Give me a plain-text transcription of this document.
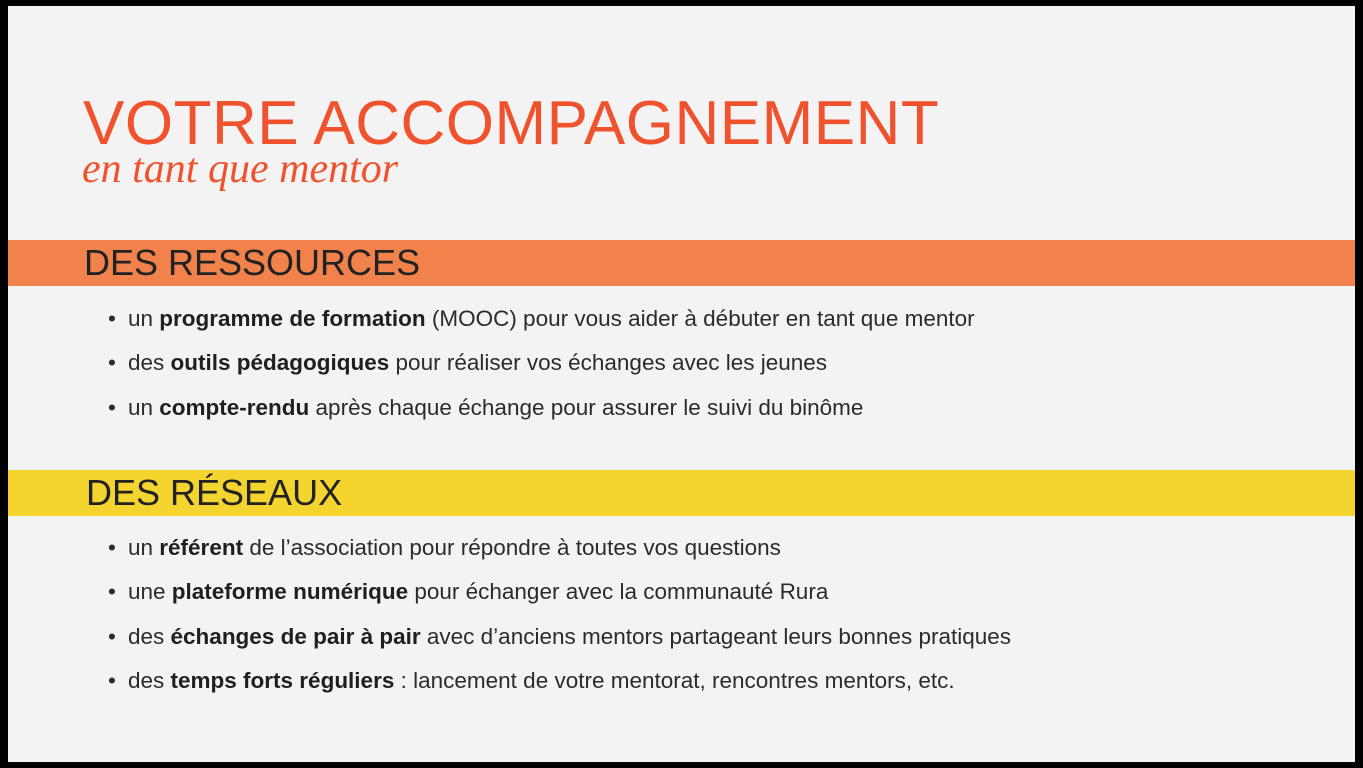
VOTRE ACCOMPAGNEMENT
en tant que mentor
DES RESSOURCES
• un programme de formation (MOOC) pour vous aider à débuter en tant que mentor
• des outils pédagogiques pour réaliser vos échanges avec les jeunes
• un compte-rendu après chaque échange pour assurer le suivi du binôme
DES RÉSEAUX
• un référent de l’association pour répondre à toutes vos questions
• une plateforme numérique pour échanger avec la communauté Rura
• des échanges de pair à pair avec d’anciens mentors partageant leurs bonnes pratiques
• des temps forts réguliers : lancement de votre mentorat, rencontres mentors, etc.
